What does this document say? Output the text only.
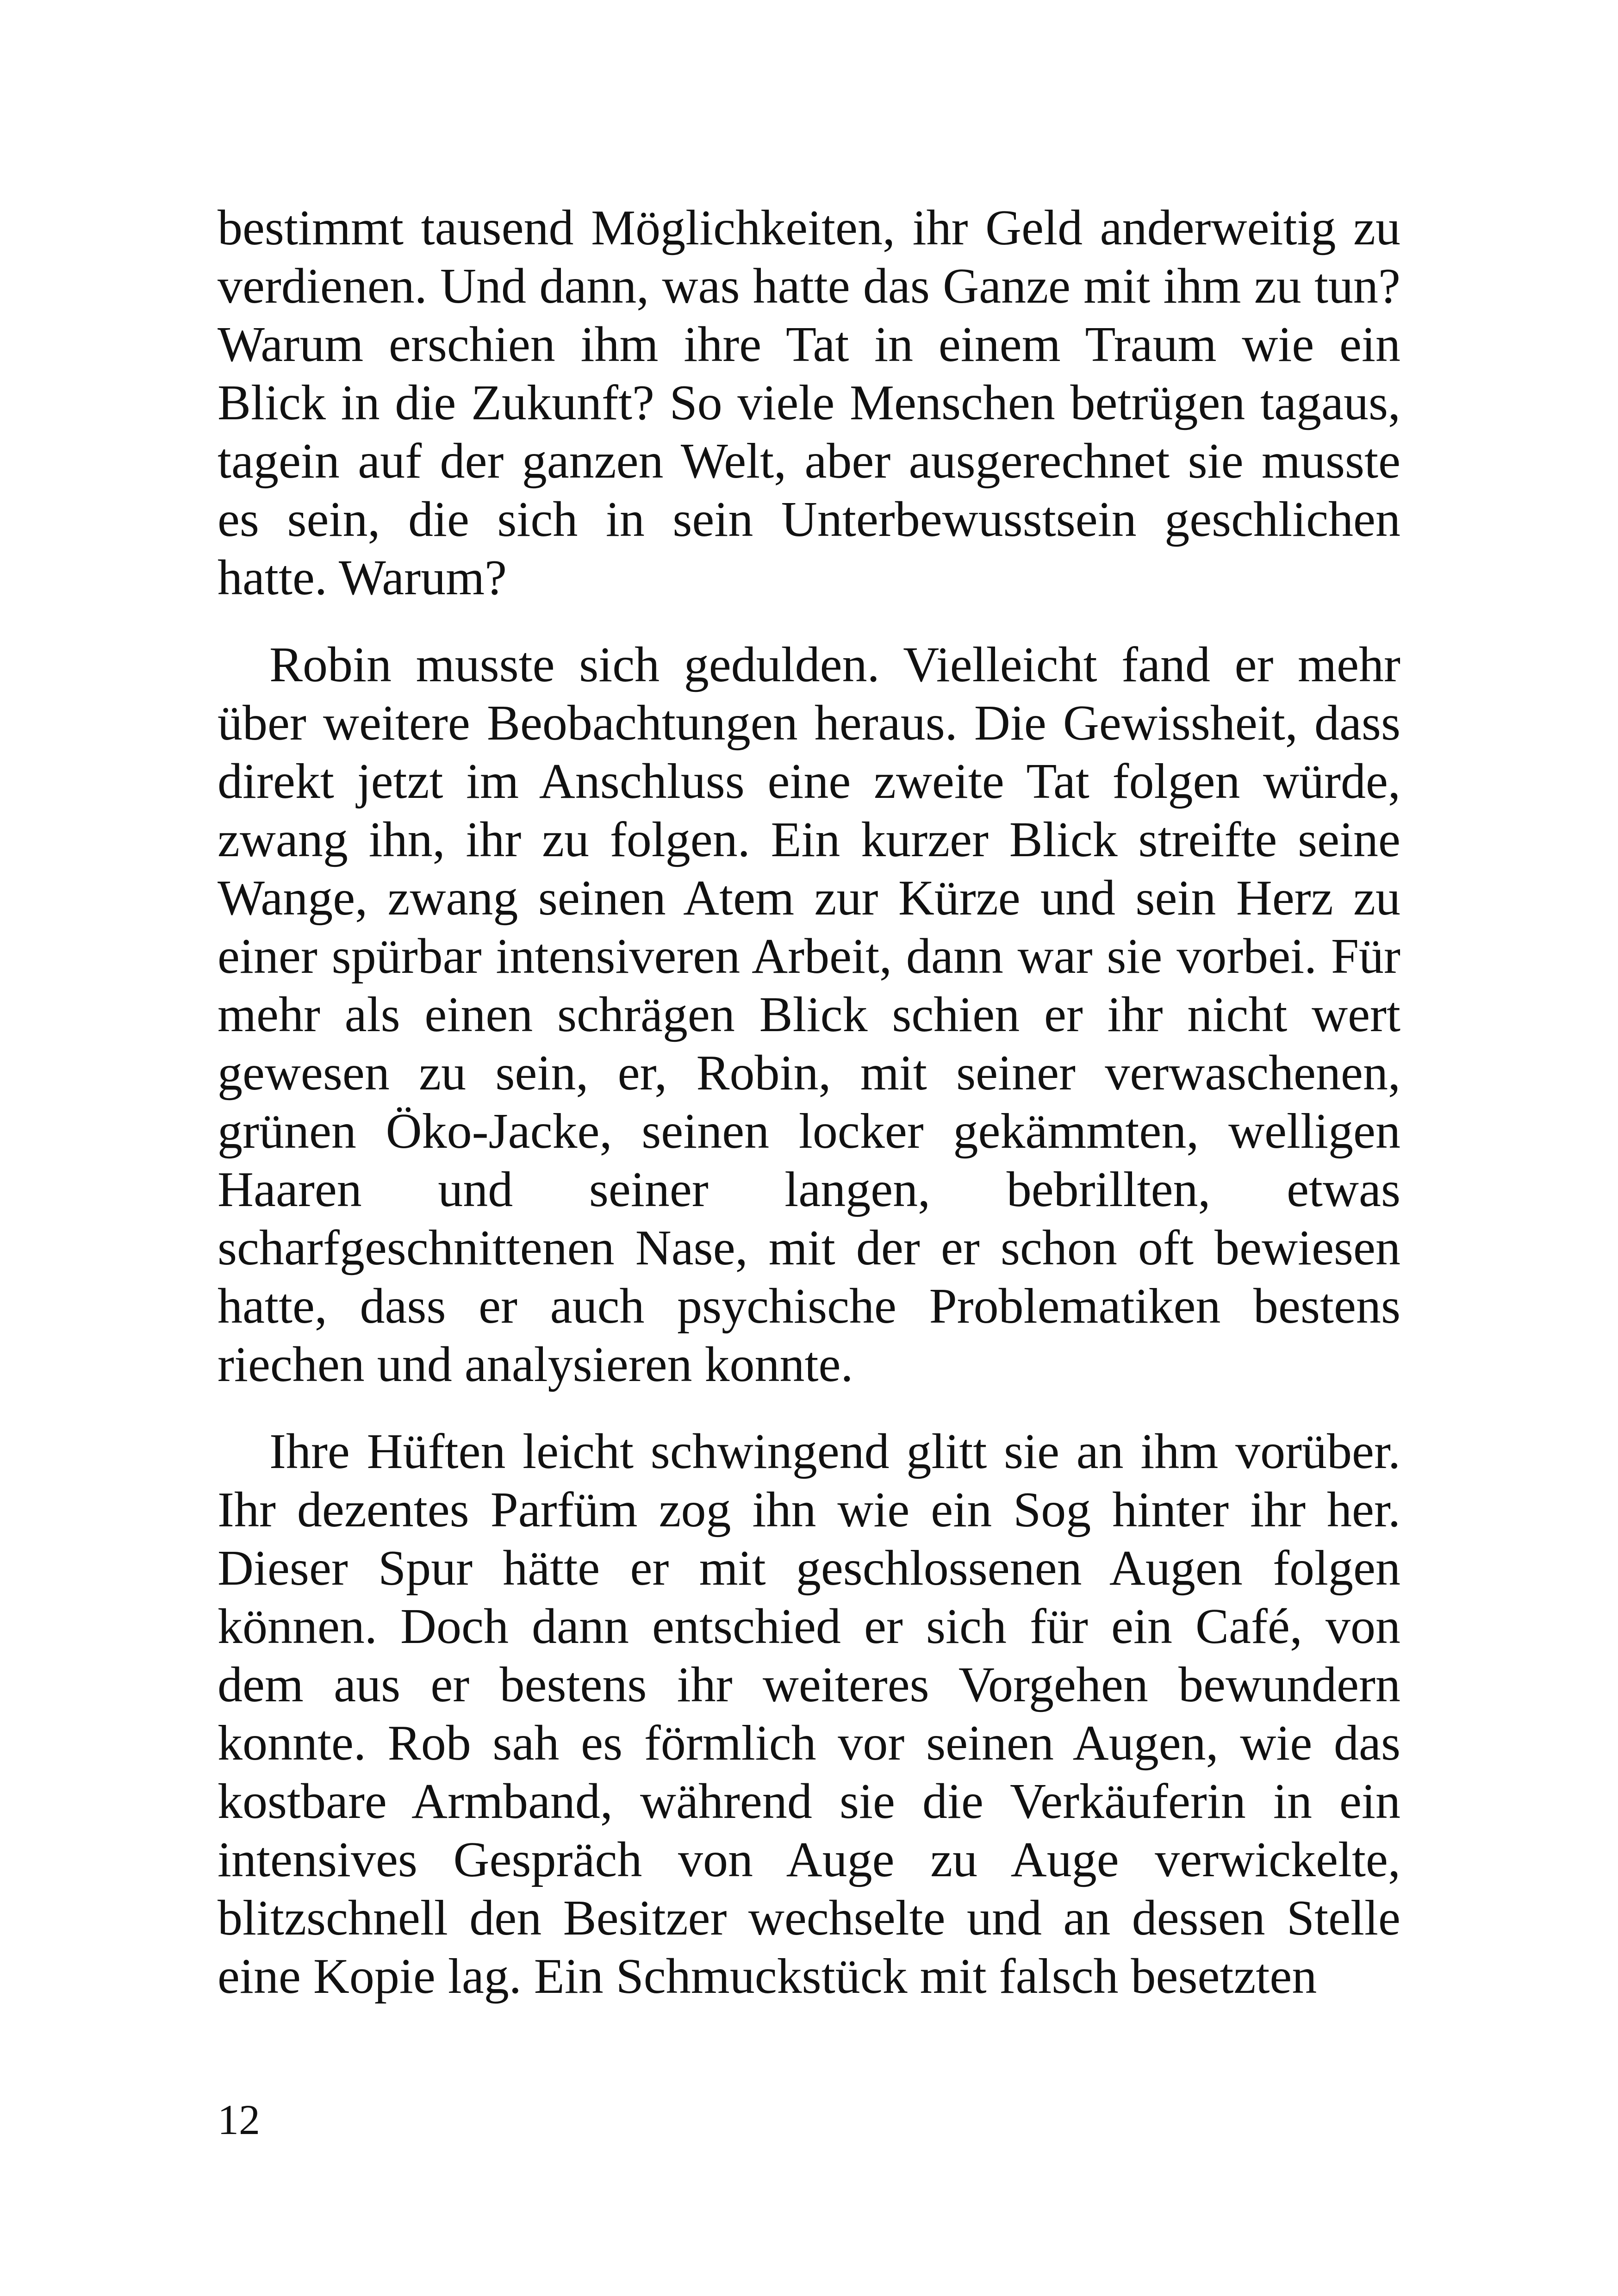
bestimmt tausend Möglichkeiten, ihr Geld anderweitig zu verdienen. Und dann, was hatte das Ganze mit ihm zu tun? Warum erschien ihm ihre Tat in einem Traum wie ein Blick in die Zukunft? So viele Menschen betrügen tagaus, tagein auf der ganzen Welt, aber ausgerechnet sie musste es sein, die sich in sein Unterbewusstsein geschlichen hatte. Warum?

Robin musste sich gedulden. Vielleicht fand er mehr über weitere Beobachtungen heraus. Die Gewissheit, dass direkt jetzt im Anschluss eine zweite Tat folgen würde, zwang ihn, ihr zu folgen. Ein kurzer Blick streifte seine Wange, zwang seinen Atem zur Kürze und sein Herz zu einer spürbar intensiveren Arbeit, dann war sie vorbei. Für mehr als einen schrägen Blick schien er ihr nicht wert gewesen zu sein, er, Robin, mit seiner verwaschenen, grünen Öko-Jacke, seinen locker gekämmten, welligen Haaren und seiner langen, bebrillten, etwas scharfgeschnittenen Nase, mit der er schon oft bewiesen hatte, dass er auch psychische Problematiken bestens riechen und analysieren konnte.

Ihre Hüften leicht schwingend glitt sie an ihm vorüber. Ihr dezentes Parfüm zog ihn wie ein Sog hinter ihr her. Dieser Spur hätte er mit geschlossenen Augen folgen können. Doch dann entschied er sich für ein Café, von dem aus er bestens ihr weiteres Vorgehen bewundern konnte. Rob sah es förmlich vor seinen Augen, wie das kostbare Armband, während sie die Verkäuferin in ein intensives Gespräch von Auge zu Auge verwickelte, blitzschnell den Besitzer wechselte und an dessen Stelle eine Kopie lag. Ein Schmuckstück mit falsch besetzten

12
